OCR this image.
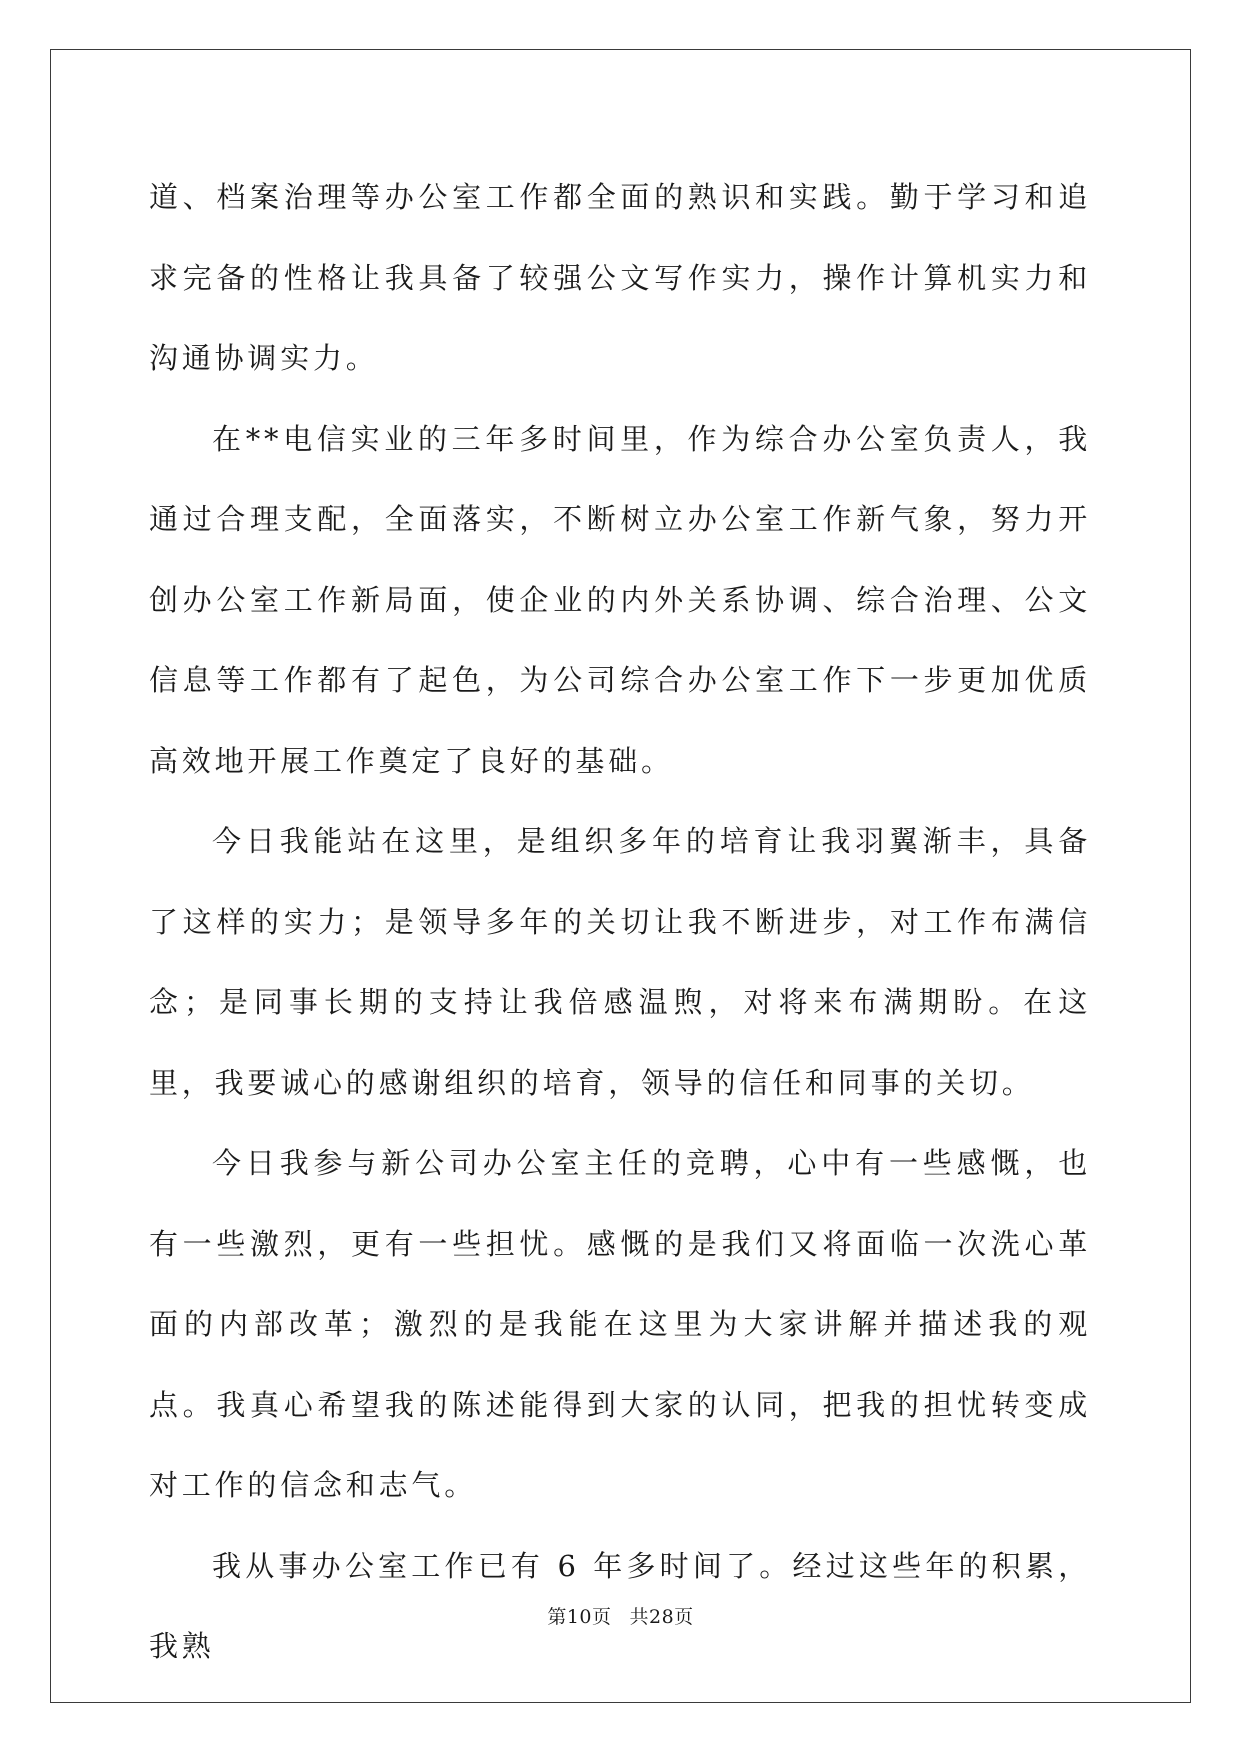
道、档案治理等办公室工作都全面的熟识和实践。勤于学习和追求完备的性格让我具备了较强公文写作实力，操作计算机实力和沟通协调实力。

在**电信实业的三年多时间里，作为综合办公室负责人，我通过合理支配，全面落实，不断树立办公室工作新气象，努力开创办公室工作新局面，使企业的内外关系协调、综合治理、公文信息等工作都有了起色，为公司综合办公室工作下一步更加优质高效地开展工作奠定了良好的基础。

今日我能站在这里，是组织多年的培育让我羽翼渐丰，具备了这样的实力；是领导多年的关切让我不断进步，对工作布满信念；是同事长期的支持让我倍感温煦，对将来布满期盼。在这里，我要诚心的感谢组织的培育，领导的信任和同事的关切。

今日我参与新公司办公室主任的竞聘，心中有一些感慨，也有一些激烈，更有一些担忧。感慨的是我们又将面临一次洗心革面的内部改革；激烈的是我能在这里为大家讲解并描述我的观点。我真心希望我的陈述能得到大家的认同，把我的担忧转变成对工作的信念和志气。

我从事办公室工作已有 6 年多时间了。经过这些年的积累，我熟

第10页 共28页
